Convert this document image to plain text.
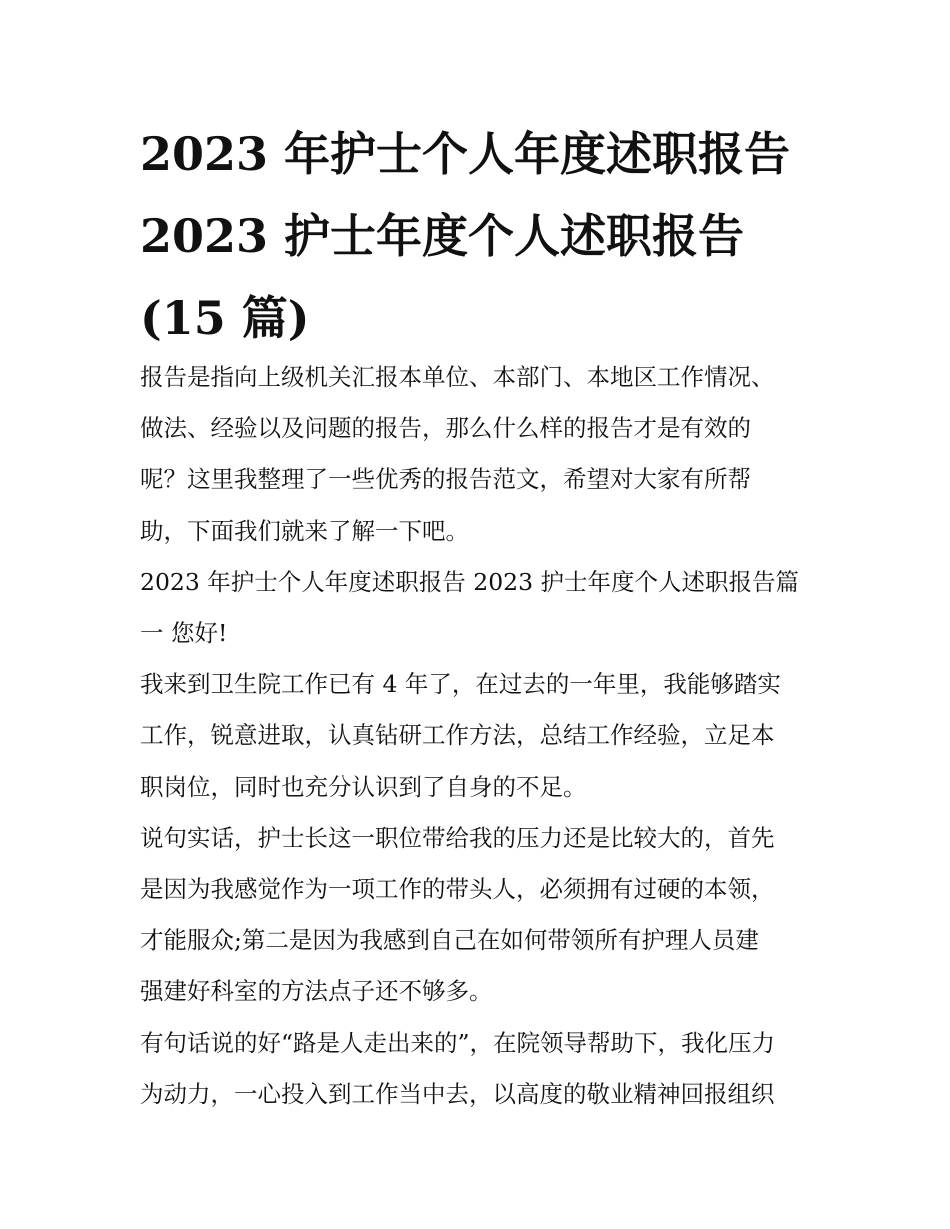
2023 年护士个人年度述职报告
2023 护士年度个人述职报告
(15 篇)

报告是指向上级机关汇报本单位、本部门、本地区工作情况、
做法、经验以及问题的报告，那么什么样的报告才是有效的
呢？这里我整理了一些优秀的报告范文，希望对大家有所帮
助，下面我们就来了解一下吧。

2023 年护士个人年度述职报告 2023 护士年度个人述职报告篇
一 您好!

我来到卫生院工作已有 4 年了，在过去的一年里，我能够踏实
工作，锐意进取，认真钻研工作方法，总结工作经验，立足本
职岗位，同时也充分认识到了自身的不足。

说句实话，护士长这一职位带给我的压力还是比较大的，首先
是因为我感觉作为一项工作的带头人，必须拥有过硬的本领，
才能服众;第二是因为我感到自己在如何带领所有护理人员建
强建好科室的方法点子还不够多。

有句话说的好“路是人走出来的”，在院领导帮助下，我化压力
为动力，一心投入到工作当中去，以高度的敬业精神回报组织
